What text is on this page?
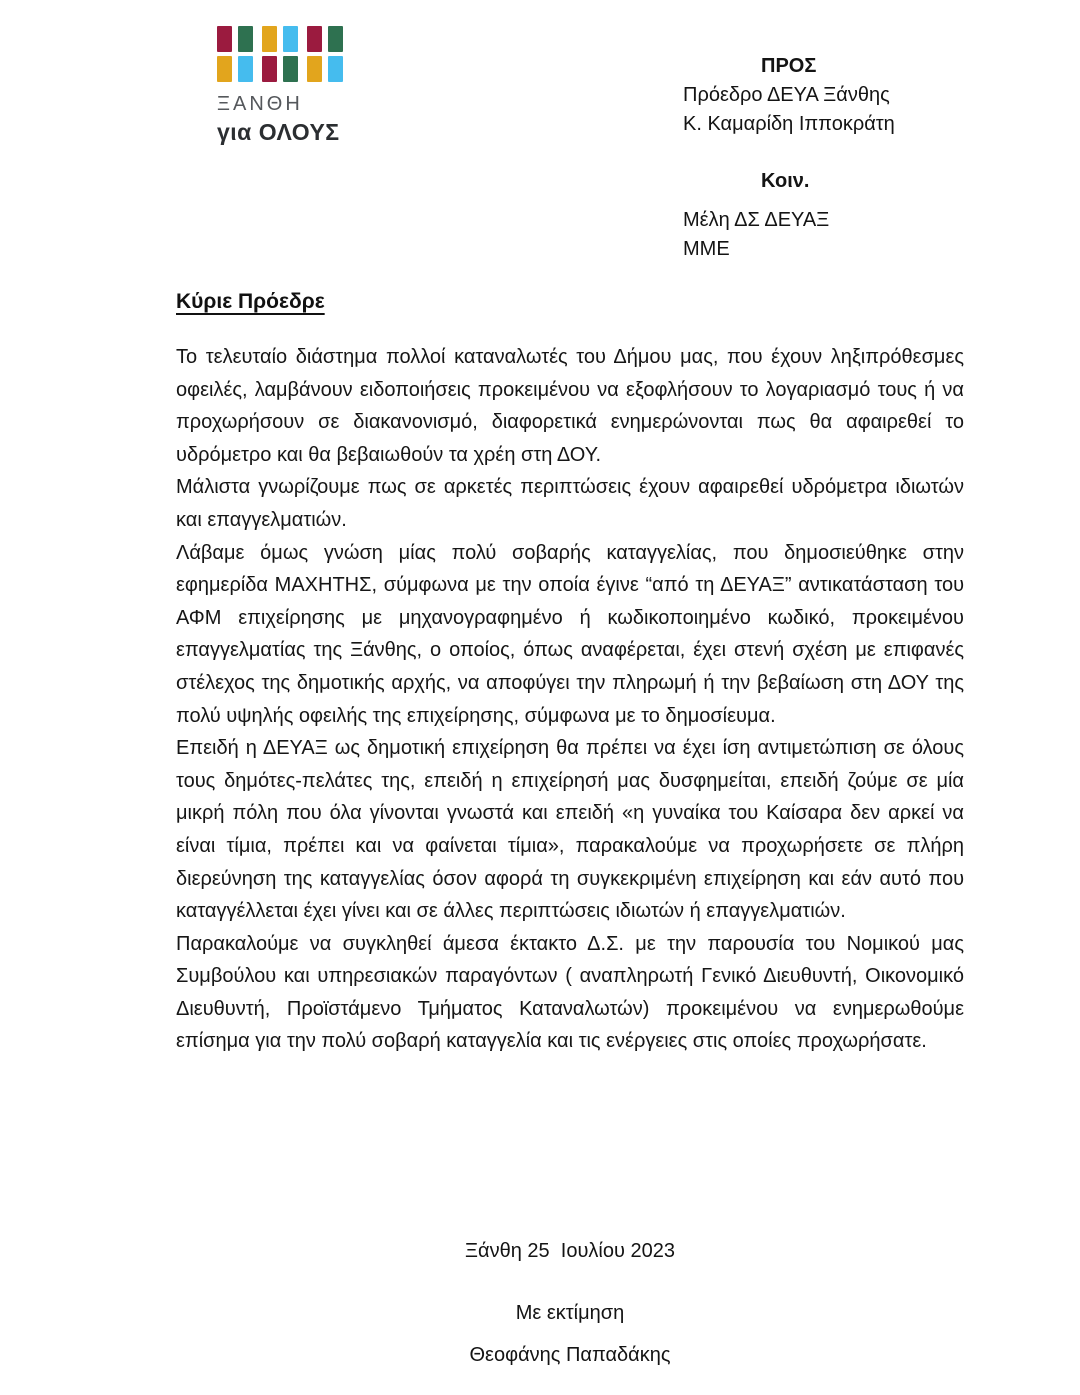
ΞΑΝΘΗ
για ΟΛΟΥΣ
ΠΡΟΣ
Πρόεδρο ΔΕΥΑ Ξάνθης
Κ. Καμαρίδη Ιπποκράτη
Κοιν.
Μέλη ΔΣ ΔΕΥΑΞ
ΜΜΕ
Κύριε Πρόεδρε

Το τελευταίο διάστημα πολλοί καταναλωτές του Δήμου μας, που έχουν ληξιπρόθεσμες οφειλές, λαμβάνουν ειδοποιήσεις προκειμένου να εξοφλήσουν το λογαριασμό τους ή να προχωρήσουν σε διακανονισμό, διαφορετικά ενημερώνονται πως θα αφαιρεθεί το υδρόμετρο και θα βεβαιωθούν τα χρέη στη ΔΟΥ.

Μάλιστα γνωρίζουμε πως σε αρκετές περιπτώσεις έχουν αφαιρεθεί υδρόμετρα ιδιωτών και επαγγελματιών.

Λάβαμε όμως γνώση μίας πολύ σοβαρής καταγγελίας, που δημοσιεύθηκε στην εφημερίδα ΜΑΧΗΤΗΣ, σύμφωνα με την οποία έγινε “από τη ΔΕΥΑΞ” αντικατάσταση του ΑΦΜ επιχείρησης με μηχανογραφημένο ή κωδικοποιημένο κωδικό, προκειμένου επαγγελματίας της Ξάνθης, ο οποίος, όπως αναφέρεται, έχει στενή σχέση με επιφανές στέλεχος της δημοτικής αρχής, να αποφύγει την πληρωμή ή την βεβαίωση στη ΔΟΥ της πολύ υψηλής οφειλής της επιχείρησης, σύμφωνα με το δημοσίευμα.

Επειδή η ΔΕΥΑΞ ως δημοτική επιχείρηση θα πρέπει να έχει ίση αντιμετώπιση σε όλους τους δημότες-πελάτες της, επειδή η επιχείρησή μας δυσφημείται, επειδή ζούμε σε μία μικρή πόλη που όλα γίνονται γνωστά και επειδή «η γυναίκα του Καίσαρα δεν αρκεί να είναι τίμια, πρέπει και να φαίνεται τίμια», παρακαλούμε να προχωρήσετε σε πλήρη διερεύνηση της καταγγελίας όσον αφορά τη συγκεκριμένη επιχείρηση και εάν αυτό που καταγγέλλεται έχει γίνει και σε άλλες περιπτώσεις ιδιωτών ή επαγγελματιών.

Παρακαλούμε να συγκληθεί άμεσα έκτακτο Δ.Σ. με την παρουσία του Νομικού μας Συμβούλου και υπηρεσιακών παραγόντων ( αναπληρωτή Γενικό Διευθυντή, Οικονομικό Διευθυντή, Προϊστάμενο Τμήματος Καταναλωτών) προκειμένου να ενημερωθούμε επίσημα για την πολύ σοβαρή καταγγελία και τις ενέργειες στις οποίες προχωρήσατε.

Ξάνθη 25  Ιουλίου 2023
Με εκτίμηση
Θεοφάνης Παπαδάκης
